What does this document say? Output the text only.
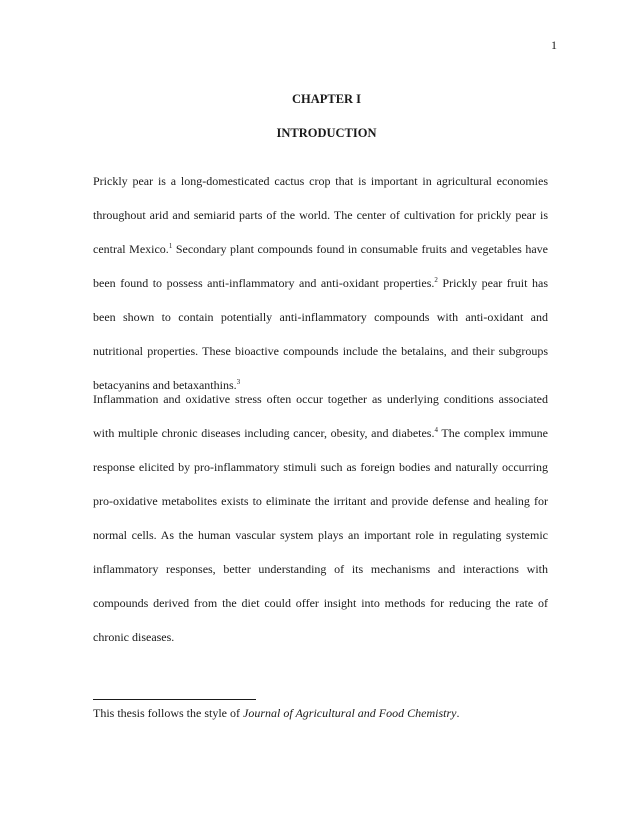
1
CHAPTER I
INTRODUCTION

Prickly pear is a long-domesticated cactus crop that is important in agricultural economies throughout arid and semiarid parts of the world. The center of cultivation for prickly pear is central Mexico.$^1$ Secondary plant compounds found in consumable fruits and vegetables have been found to possess anti-inflammatory and anti-oxidant properties.$^2$ Prickly pear fruit has been shown to contain potentially anti-inflammatory compounds with anti-oxidant and nutritional properties. These bioactive compounds include the betalains, and their subgroups betacyanins and betaxanthins.$^3$

Inflammation and oxidative stress often occur together as underlying conditions associated with multiple chronic diseases including cancer, obesity, and diabetes.$^4$ The complex immune response elicited by pro-inflammatory stimuli such as foreign bodies and naturally occurring pro-oxidative metabolites exists to eliminate the irritant and provide defense and healing for normal cells. As the human vascular system plays an important role in regulating systemic inflammatory responses, better understanding of its mechanisms and interactions with compounds derived from the diet could offer insight into methods for reducing the rate of chronic diseases.

This thesis follows the style of Journal of Agricultural and Food Chemistry.
